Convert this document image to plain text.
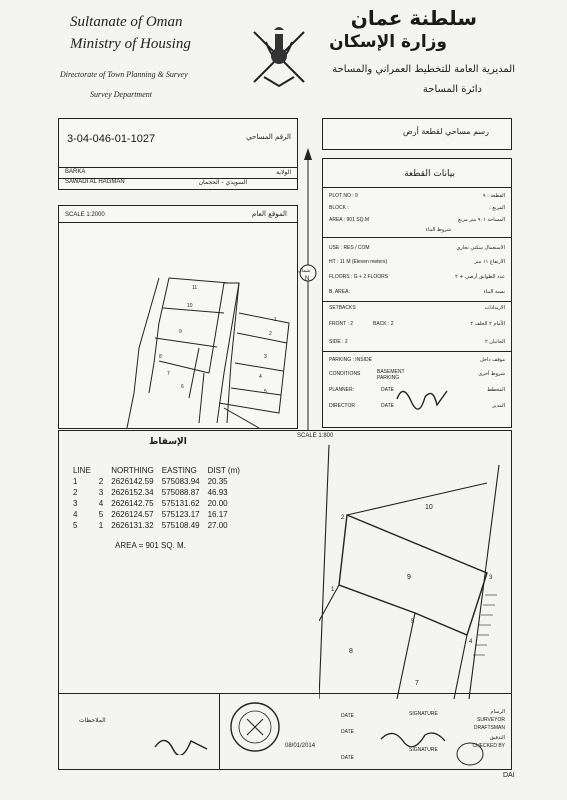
Sultanate of Oman
Ministry of Housing
Directorate of Town Planning & Survey
Survey Department
سلطنة عمان
وزارة الإسكان
المديرية العامة للتخطيط العمراني والمساحة
دائرة المساحة
3-04-046-01-1027	الرقم المساحي
BARKA	الولاية
SAWADI AL HAGMAN	السويدي - الحجمان
رسم مساحي لقطعة أرض
SCALE 1:2000	الموقع العام
11
10
9
8
7
6
5
4
3
2
1
شمال
N
بيانات القطعة
PLOT NO : 9
BLOCK :
AREA : 901 SQ.M
القطعة : ٩
المربع :
المساحة ٩٠١ متر مربع
شروط البناء
USE : RES / COM
HT : 11 M (Eleven meters)
FLOORS : G + 2 FLOORS
B. AREA:
الاستعمال سكني تجاري
الارتفاع ١١ متر
عدد الطوابق أرضي + ٢
نسبة البناء
SETBACKS	الارتدادات
FRONT : 2	BACK : 2	الأمام ٢ الخلف ٢
SIDE : 2	الجانبان ٢
PARKING : INSIDE	موقف داخل
CONDITIONS	BASEMENT PARKING
شروط أخرى
PLANNER:	DATE	المخطط
DIRECTOR	DATE	المدير
الإسقاط
SCALE 1:800
LINE		NORTHING	EASTING	DIST (m)
1	2	2626142.59	575083.94	20.35
2	3	2626152.34	575088.87	46.93
3	4	2626142.75	575131.62	20.00
4	5	2626124.57	575123.17	16.17
5	1	2626131.32	575108.49	27.00
AREA = 901 SQ. M.
10
9
8
7
1
2
3
4
5
الملاحظات
DATE
DATE
08/01/2014
DATE
SIGNATURE
SIGNATURE
الرسام
SURVEYOR
DRAFTSMAN
التدقيق
CHECKED BY
DAI
